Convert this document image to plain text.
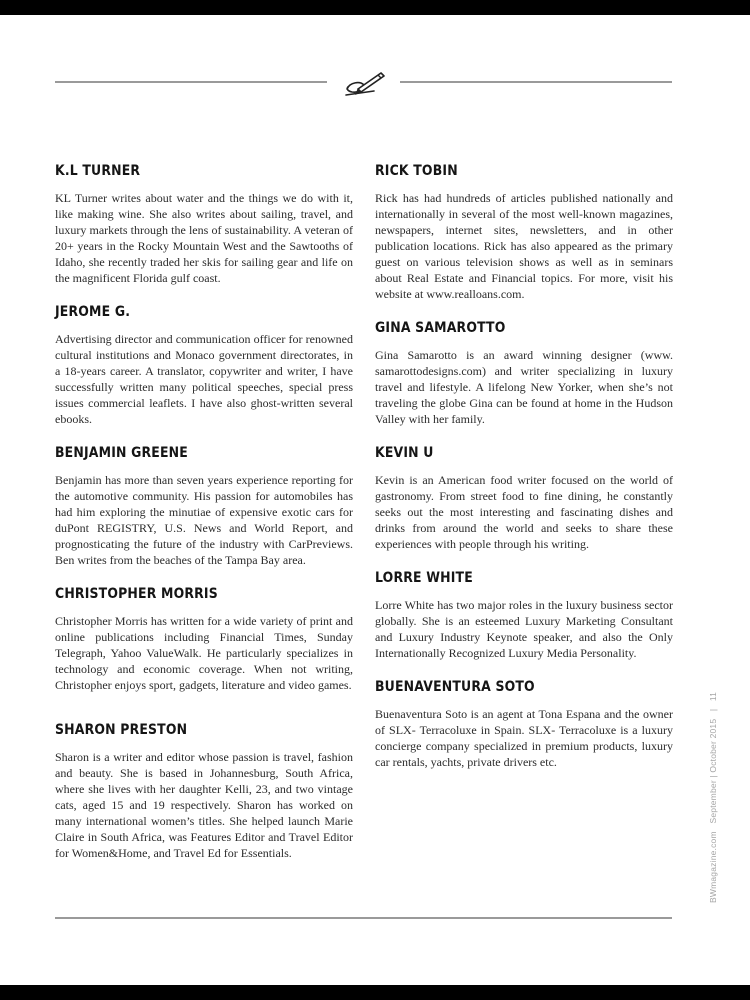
K.L TURNER

KL Turner writes about water and the things we do with it, like making wine. She also writes about sailing, travel, and luxury markets through the lens of sustainability. A veteran of 20+ years in the Rocky Mountain West and the Sawtooths of Idaho, she recently traded her skis for sailing gear and life on the magnificent Florida gulf coast.

JEROME G.

Advertising director and communication officer for renowned cultural institutions and Monaco government directorates, in a 18-years career. A translator, copywriter and writer, I have successfully written many political speeches, special press issues commercial leaflets. I have also ghost-written several ebooks.

BENJAMIN GREENE

Benjamin has more than seven years experience reporting for the automotive community. His passion for automobiles has had him exploring the minutiae of expensive exotic cars for duPont REGISTRY, U.S. News and World Report, and prognosticating the future of the industry with CarPreviews. Ben writes from the beaches of the Tampa Bay area.

CHRISTOPHER MORRIS

Christopher Morris has written for a wide variety of print and online publications including Financial Times, Sunday Telegraph, Yahoo ValueWalk. He particularly specializes in technology and economic coverage. When not writing, Christopher enjoys sport, gadgets, literature and video games.

SHARON PRESTON

Sharon is a writer and editor whose passion is travel, fashion and beauty. She is based in Johannesburg, South Africa, where she lives with her daughter Kelli, 23, and two vintage cats, aged 15 and 19 respectively. Sharon has worked on many international women’s titles. She helped launch Marie Claire in South Africa, was Features Editor and Travel Editor for Women&Home, and Travel Ed for Essentials.

RICK TOBIN

Rick has had hundreds of articles published nationally and internationally in several of the most well-known magazines, newspapers, internet sites, newsletters, and in other publication locations. Rick has also appeared as the primary guest on various television shows as well as in seminars about Real Estate and Financial topics. For more, visit his website at www.realloans.com.

GINA SAMAROTTO

Gina Samarotto is an award winning designer (www. samarottodesigns.com) and writer specializing in luxury travel and lifestyle. A lifelong New Yorker, when she’s not traveling the globe Gina can be found at home in the Hudson Valley with her family.

KEVIN U

Kevin is an American food writer focused on the world of gastronomy. From street food to fine dining, he constantly seeks out the most interesting and fascinating dishes and drinks from around the world and seeks to share these experiences with people through his writing.

LORRE WHITE

Lorre White has two major roles in the luxury business sector globally. She is an esteemed Luxury Marketing Consultant and Luxury Industry Keynote speaker, and also the Only Internationally Recognized Luxury Media Personality.

BUENAVENTURA SOTO

Buenaventura Soto is an agent at Tona Espana and the owner of SLX- Terracoluxe in Spain. SLX- Terracoluxe is a luxury concierge company specialized in premium products, luxury car rentals, yachts, private drivers etc.

BWmagazine.com   September | October 2015 | 11
